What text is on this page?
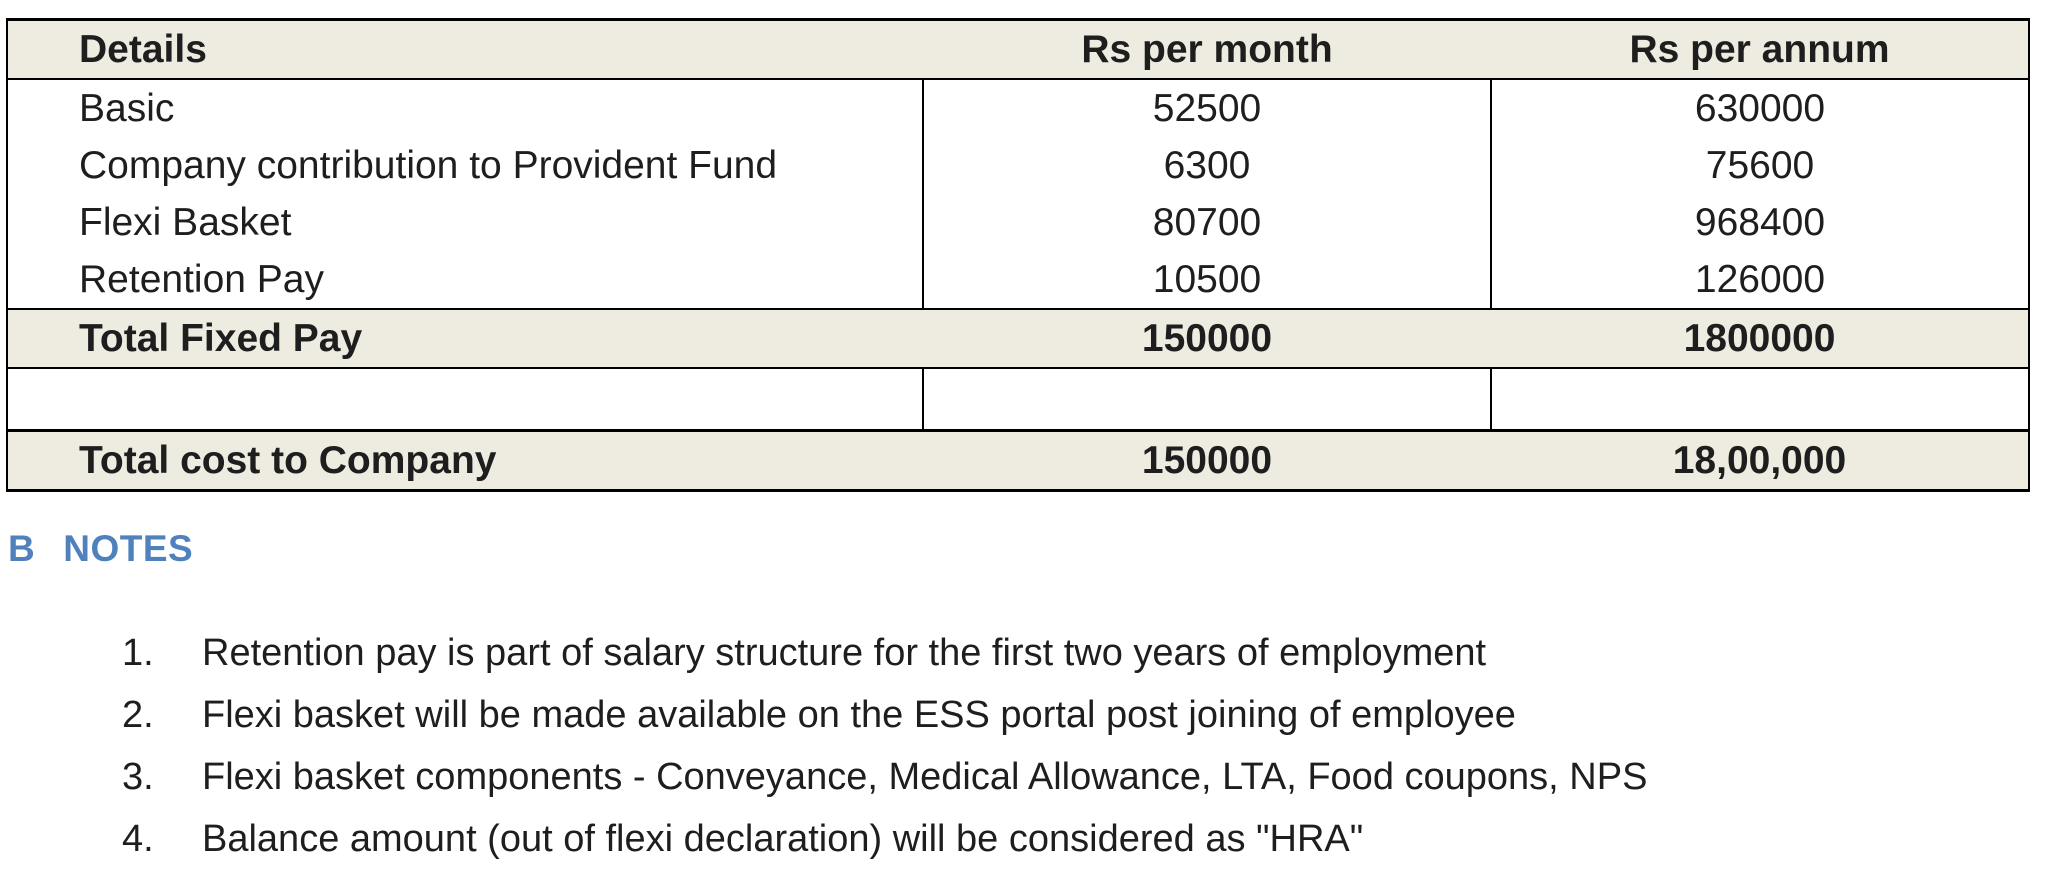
Details	Rs per month	Rs per annum
Basic	52500	630000
Company contribution to Provident Fund	6300	75600
Flexi Basket	80700	968400
Retention Pay	10500	126000
Total Fixed Pay	150000	1800000

Total cost to Company	150000	18,00,000
B NOTES
1. Retention pay is part of salary structure for the first two years of employment
2. Flexi basket will be made available on the ESS portal post joining of employee
3. Flexi basket components - Conveyance, Medical Allowance, LTA, Food coupons, NPS
4. Balance amount (out of flexi declaration) will be considered as "HRA"
